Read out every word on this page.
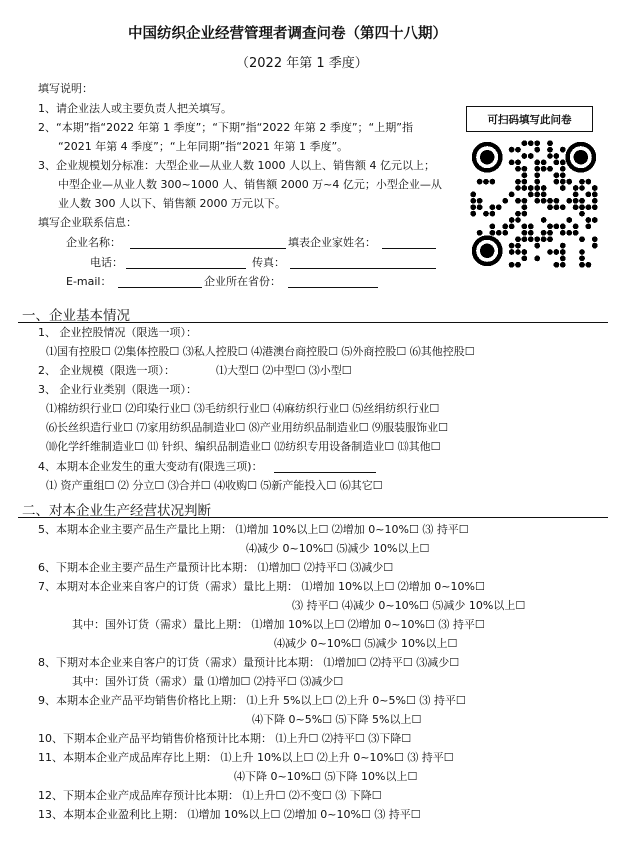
中国纺织企业经营管理者调查问卷（第四十八期）
（2022 年第 1 季度）
填写说明：
1、请企业法人或主要负责人把关填写。
2、“本期”指“2022 年第 1 季度”；“下期”指“2022 年第 2 季度”；“上期”指
“2021 年第 4 季度”；“上年同期”指“2021 年第 1 季度”。
3、企业规模划分标准：大型企业—从业人数 1000 人以上、销售额 4 亿元以上；
中型企业—从业人数 300~1000 人、销售额 2000 万~4 亿元；小型企业—从
业人数 300 人以下、销售额 2000 万元以下。
填写企业联系信息：
企业名称：	填表企业家姓名：
电话：	传真：
E-mail：	企业所在省份：
可扫码填写此问卷
一、企业基本情况
1、 企业控股情况（限选一项）：
⑴国有控股☐ ⑵集体控股☐ ⑶私人控股☐ ⑷港澳台商控股☐ ⑸外商控股☐ ⑹其他控股☐
2、 企业规模（限选一项）：	⑴大型☐ ⑵中型☐ ⑶小型☐
3、 企业行业类别（限选一项）：
⑴棉纺织行业☐ ⑵印染行业☐ ⑶毛纺织行业☐ ⑷麻纺织行业☐ ⑸丝绢纺织行业☐
⑹长丝织造行业☐ ⑺家用纺织品制造业☐ ⑻产业用纺织品制造业☐ ⑼服装服饰业☐
⑽化学纤维制造业☐ ⑾ 针织、编织品制造业☐ ⑿纺织专用设备制造业☐ ⒀其他☐
4、本期本企业发生的重大变动有(限选三项)：
⑴ 资产重组☐ ⑵ 分立☐ ⑶合并☐ ⑷收购☐ ⑸新产能投入☐ ⑹其它☐
二、对本企业生产经营状况判断
5、本期本企业主要产品生产量比上期： ⑴增加 10%以上☐ ⑵增加 0~10%☐ ⑶ 持平☐
⑷减少 0~10%☐ ⑸减少 10%以上☐
6、下期本企业主要产品生产量预计比本期： ⑴增加☐ ⑵持平☐ ⑶减少☐
7、本期对本企业来自客户的订货（需求）量比上期： ⑴增加 10%以上☐ ⑵增加 0~10%☐
⑶ 持平☐ ⑷减少 0~10%☐ ⑸减少 10%以上☐
其中：国外订货（需求）量比上期： ⑴增加 10%以上☐ ⑵增加 0~10%☐ ⑶ 持平☐
⑷减少 0~10%☐ ⑸减少 10%以上☐
8、下期对本企业来自客户的订货（需求）量预计比本期： ⑴增加☐ ⑵持平☐ ⑶减少☐
其中：国外订货（需求）量 ⑴增加☐ ⑵持平☐ ⑶减少☐
9、本期本企业产品平均销售价格比上期： ⑴上升 5%以上☐ ⑵上升 0~5%☐ ⑶ 持平☐
⑷下降 0~5%☐ ⑸下降 5%以上☐
10、下期本企业产品平均销售价格预计比本期： ⑴上升☐ ⑵持平☐ ⑶下降☐
11、本期本企业产成品库存比上期： ⑴上升 10%以上☐ ⑵上升 0~10%☐ ⑶ 持平☐
⑷下降 0~10%☐ ⑸下降 10%以上☐
12、下期本企业产成品库存预计比本期： ⑴上升☐ ⑵不变☐ ⑶ 下降☐
13、本期本企业盈利比上期： ⑴增加 10%以上☐ ⑵增加 0~10%☐ ⑶ 持平☐
